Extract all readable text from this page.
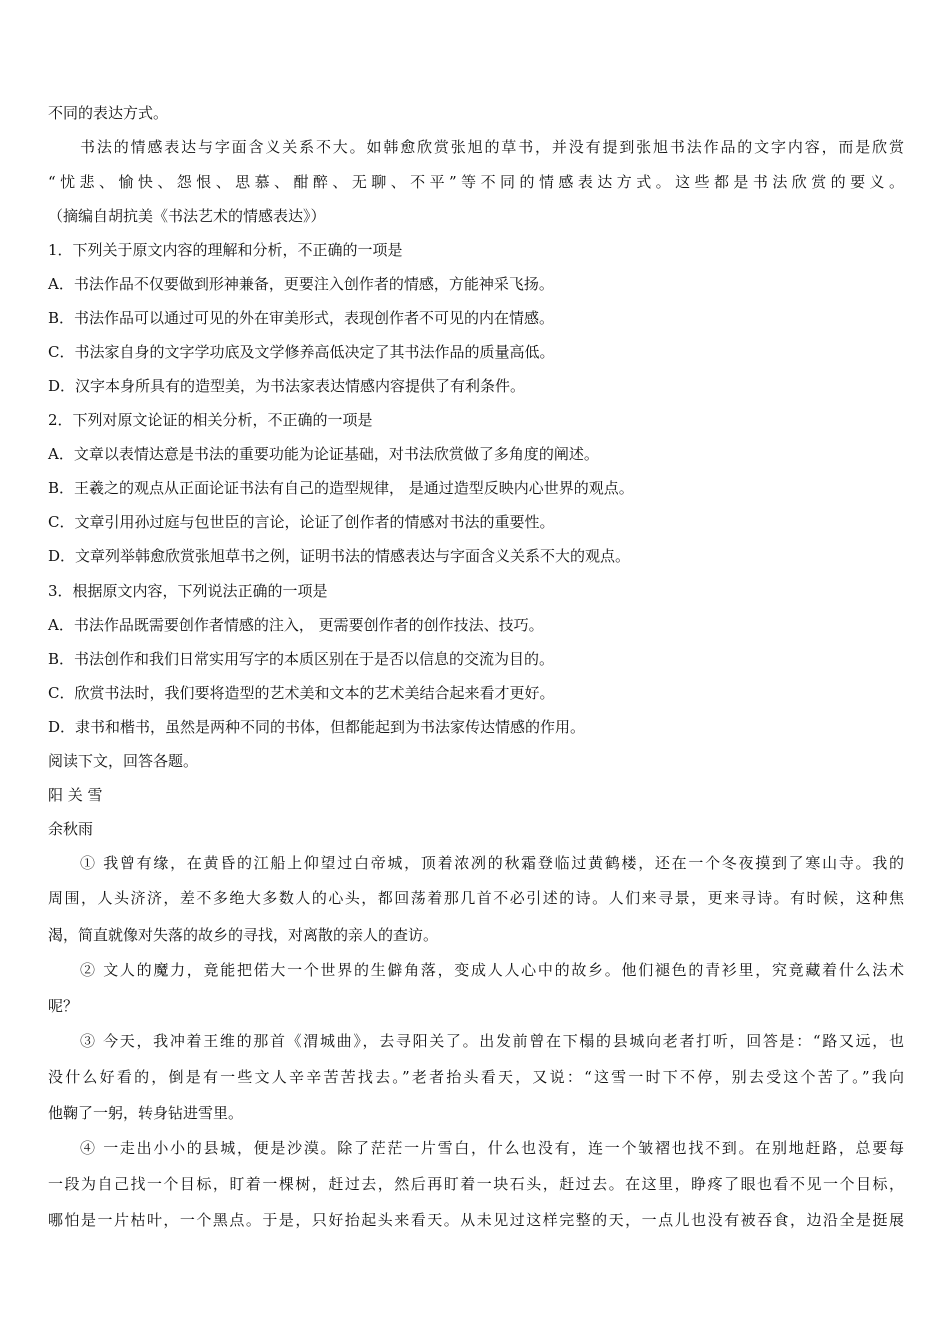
不同的表达方式。
书法的情感表达与字面含义关系不大。如韩愈欣赏张旭的草书，并没有提到张旭书法作品的文字内容，而是欣赏
“忧悲、愉快、怨恨、思慕、酣醉、无聊、不平”等不同的情感表达方式。这些都是书法欣赏的要义。
（摘编自胡抗美《书法艺术的情感表达》）
1．下列关于原文内容的理解和分析，不正确的一项是
A．书法作品不仅要做到形神兼备，更要注入创作者的情感，方能神采飞扬。
B．书法作品可以通过可见的外在审美形式，表现创作者不可见的内在情感。
C．书法家自身的文字学功底及文学修养高低决定了其书法作品的质量高低。
D．汉字本身所具有的造型美，为书法家表达情感内容提供了有利条件。
2．下列对原文论证的相关分析，不正确的一项是
A．文章以表情达意是书法的重要功能为论证基础，对书法欣赏做了多角度的阐述。
B．王羲之的观点从正面论证书法有自己的造型规律， 是通过造型反映内心世界的观点。
C．文章引用孙过庭与包世臣的言论，论证了创作者的情感对书法的重要性。
D．文章列举韩愈欣赏张旭草书之例，证明书法的情感表达与字面含义关系不大的观点。
3．根据原文内容，下列说法正确的一项是
A．书法作品既需要创作者情感的注入， 更需要创作者的创作技法、技巧。
B．书法创作和我们日常实用写字的本质区别在于是否以信息的交流为目的。
C．欣赏书法时，我们要将造型的艺术美和文本的艺术美结合起来看才更好。
D．隶书和楷书，虽然是两种不同的书体，但都能起到为书法家传达情感的作用。
阅读下文，回答各题。
阳 关 雪
余秋雨
① 我曾有缘，在黄昏的江船上仰望过白帝城，顶着浓冽的秋霜登临过黄鹤楼，还在一个冬夜摸到了寒山寺。我的
周围，人头济济，差不多绝大多数人的心头，都回荡着那几首不必引述的诗。人们来寻景，更来寻诗。有时候，这种焦
渴，简直就像对失落的故乡的寻找，对离散的亲人的查访。
② 文人的魔力，竟能把偌大一个世界的生僻角落，变成人人心中的故乡。他们褪色的青衫里，究竟藏着什么法术
呢？
③ 今天，我冲着王维的那首《渭城曲》，去寻阳关了。出发前曾在下榻的县城向老者打听，回答是：“路又远，也
没什么好看的，倒是有一些文人辛辛苦苦找去。”老者抬头看天，又说：“这雪一时下不停，别去受这个苦了。”我向
他鞠了一躬，转身钻进雪里。
④ 一走出小小的县城，便是沙漠。除了茫茫一片雪白，什么也没有，连一个皱褶也找不到。在别地赶路，总要每
一段为自己找一个目标，盯着一棵树，赶过去，然后再盯着一块石头，赶过去。在这里，睁疼了眼也看不见一个目标，
哪怕是一片枯叶，一个黑点。于是，只好抬起头来看天。从未见过这样完整的天，一点儿也没有被吞食，边沿全是挺展
